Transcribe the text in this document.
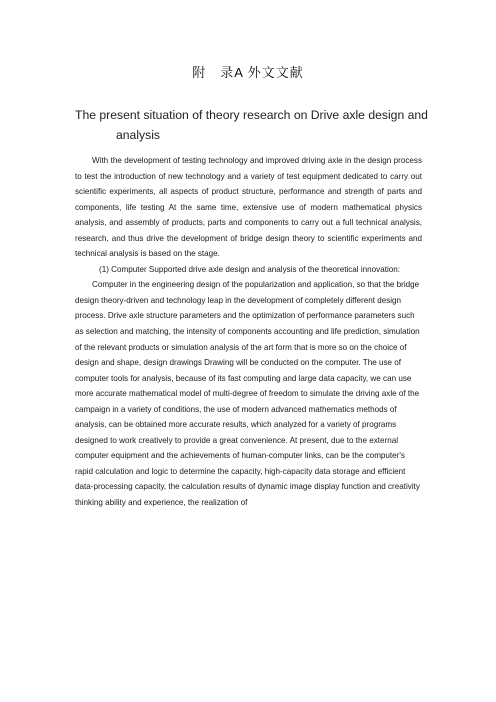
附　录A 外文文献
The present situation of theory research on Drive axle design and
analysis

With the development of testing technology and improved driving axle in the design process to test the introduction of new technology and a variety of test equipment dedicated to carry out scientific experiments, all aspects of product structure, performance and strength of parts and components, life testing At the same time, extensive use of modern mathematical physics analysis, and assembly of products, parts and components to carry out a full technical analysis, research, and thus drive the development of bridge design theory to scientific experiments and technical analysis is based on the stage.

(1) Computer Supported drive axle design and analysis of the theoretical innovation:

Computer in the engineering design of the popularization and application, so that the bridge design theory-driven and technology leap in the development of completely different design process. Drive axle structure parameters and the optimization of performance parameters such as selection and matching, the intensity of components accounting and life prediction, simulation of the relevant products or simulation analysis of the art form that is more so on the choice of design and shape, design drawings Drawing will be conducted on the computer. The use of computer tools for analysis, because of its fast computing and large data capacity, we can use more accurate mathematical model of multi-degree of freedom to simulate the driving axle of the campaign in a variety of conditions, the use of modern advanced mathematics methods of analysis, can be obtained more accurate results, which analyzed for a variety of programs designed to work creatively to provide a great convenience. At present, due to the external computer equipment and the achievements of human-computer links, can be the computer's rapid calculation and logic to determine the capacity, high-capacity data storage and efficient data-processing capacity, the calculation results of dynamic image display function and creativity thinking ability and experience, the realization of
